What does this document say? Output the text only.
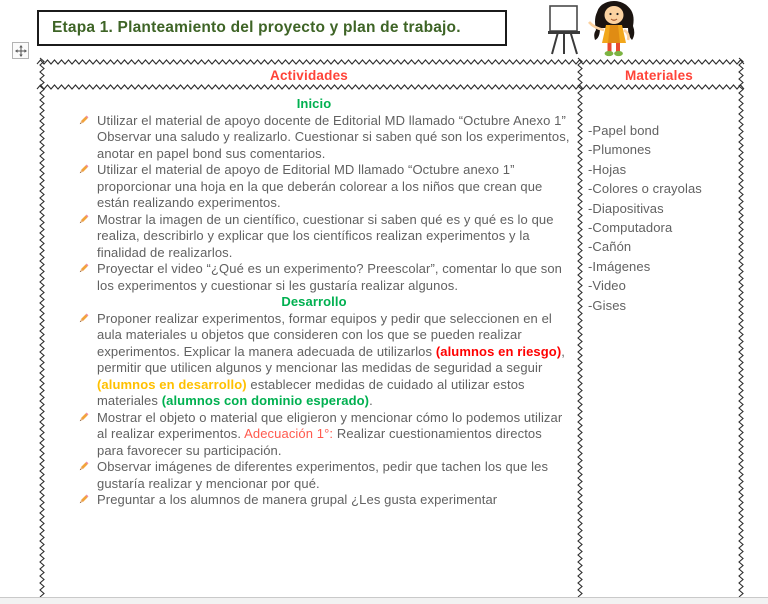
Etapa 1. Planteamiento del proyecto y plan de trabajo.
Actividades	Materiales
Inicio
Utilizar el material de apoyo docente de Editorial MD llamado “Octubre Anexo 1” Observar una saludo y realizarlo. Cuestionar si saben qué son los experimentos, anotar en papel bond sus comentarios.
Utilizar el material de apoyo de Editorial MD llamado “Octubre anexo 1” proporcionar una hoja en la que deberán colorear a los niños que crean que están realizando experimentos.
Mostrar la imagen de un científico, cuestionar si saben qué es y qué es lo que realiza, describirlo y explicar que los científicos realizan experimentos y la finalidad de realizarlos.
Proyectar el video “¿Qué es un experimento? Preescolar”, comentar lo que son los experimentos y cuestionar si les gustaría realizar algunos.
Desarrollo
Proponer realizar experimentos, formar equipos y pedir que seleccionen en el aula materiales u objetos que consideren con los que se pueden realizar experimentos. Explicar la manera adecuada de utilizarlos (alumnos en riesgo), permitir que utilicen algunos y mencionar las medidas de seguridad a seguir (alumnos en desarrollo) establecer medidas de cuidado al utilizar estos materiales (alumnos con dominio esperado).
Mostrar el objeto o material que eligieron y mencionar cómo lo podemos utilizar al realizar experimentos. Adecuación 1°: Realizar cuestionamientos directos para favorecer su participación.
Observar imágenes de diferentes experimentos, pedir que tachen los que les gustaría realizar y mencionar por qué.
Preguntar a los alumnos de manera grupal ¿Les gusta experimentar
-Papel bond
-Plumones
-Hojas
-Colores o crayolas
-Diapositivas
-Computadora
-Cañón
-Imágenes
-Video
-Gises
